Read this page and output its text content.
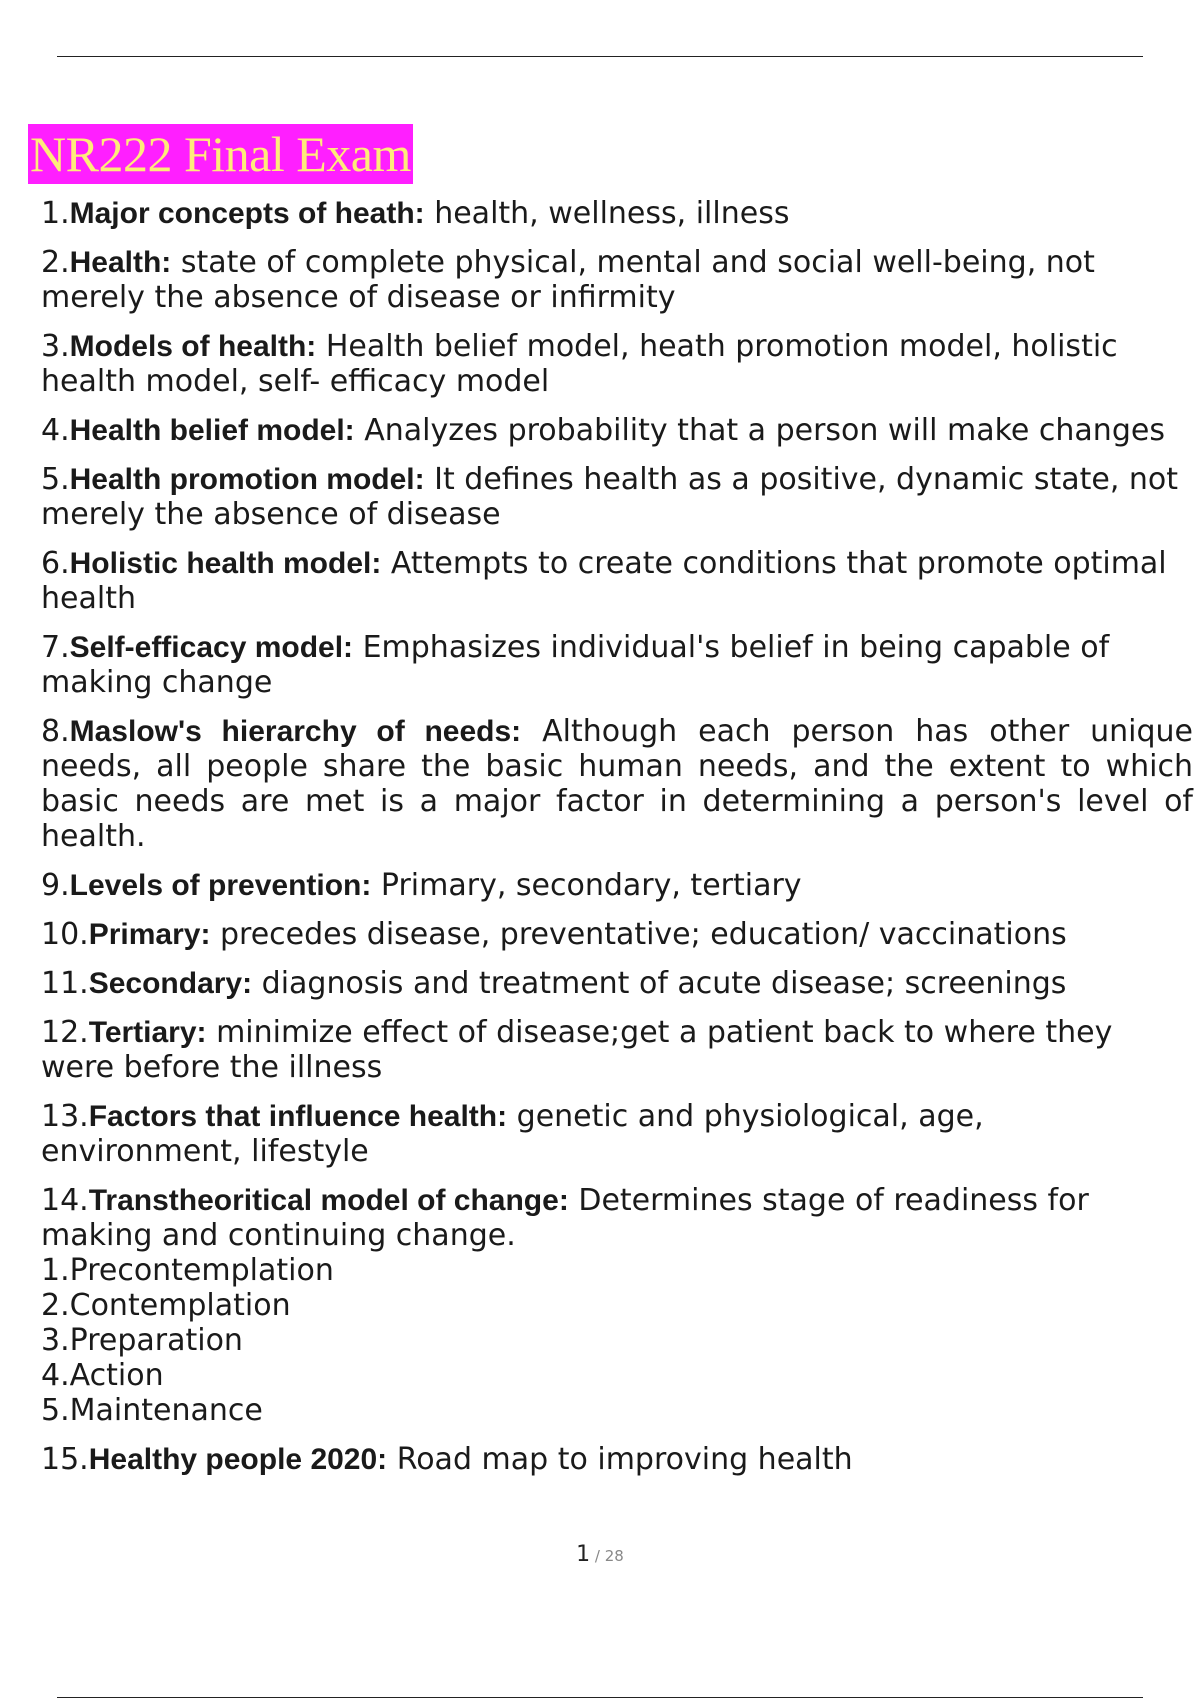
NR222 Final Exam
1.Major concepts of heath: health, wellness, illness
2.Health: state of complete physical, mental and social well-being, not merely the absence of disease or infirmity
3.Models of health: Health belief model, heath promotion model, holistic health model, self- efficacy model
4.Health belief model: Analyzes probability that a person will make changes
5.Health promotion model: It defines health as a positive, dynamic state, not merely the absence of disease
6.Holistic health model: Attempts to create conditions that promote optimal health
7.Self-efficacy model: Emphasizes individual's belief in being capable of making change
8.Maslow's hierarchy of needs: Although each person has other unique needs, all people share the basic human needs, and the extent to which basic needs are met is a major factor in determining a person's level of health.
9.Levels of prevention: Primary, secondary, tertiary
10.Primary: precedes disease, preventative; education/ vaccinations
11.Secondary: diagnosis and treatment of acute disease; screenings
12.Tertiary: minimize effect of disease;get a patient back to where they were before the illness
13.Factors that influence health: genetic and physiological, age, environment, lifestyle
14.Transtheoritical model of change: Determines stage of readiness for making and continuing change.
1.Precontemplation
2.Contemplation
3.Preparation
4.Action
5.Maintenance
15.Healthy people 2020: Road map to improving health
1 / 28
